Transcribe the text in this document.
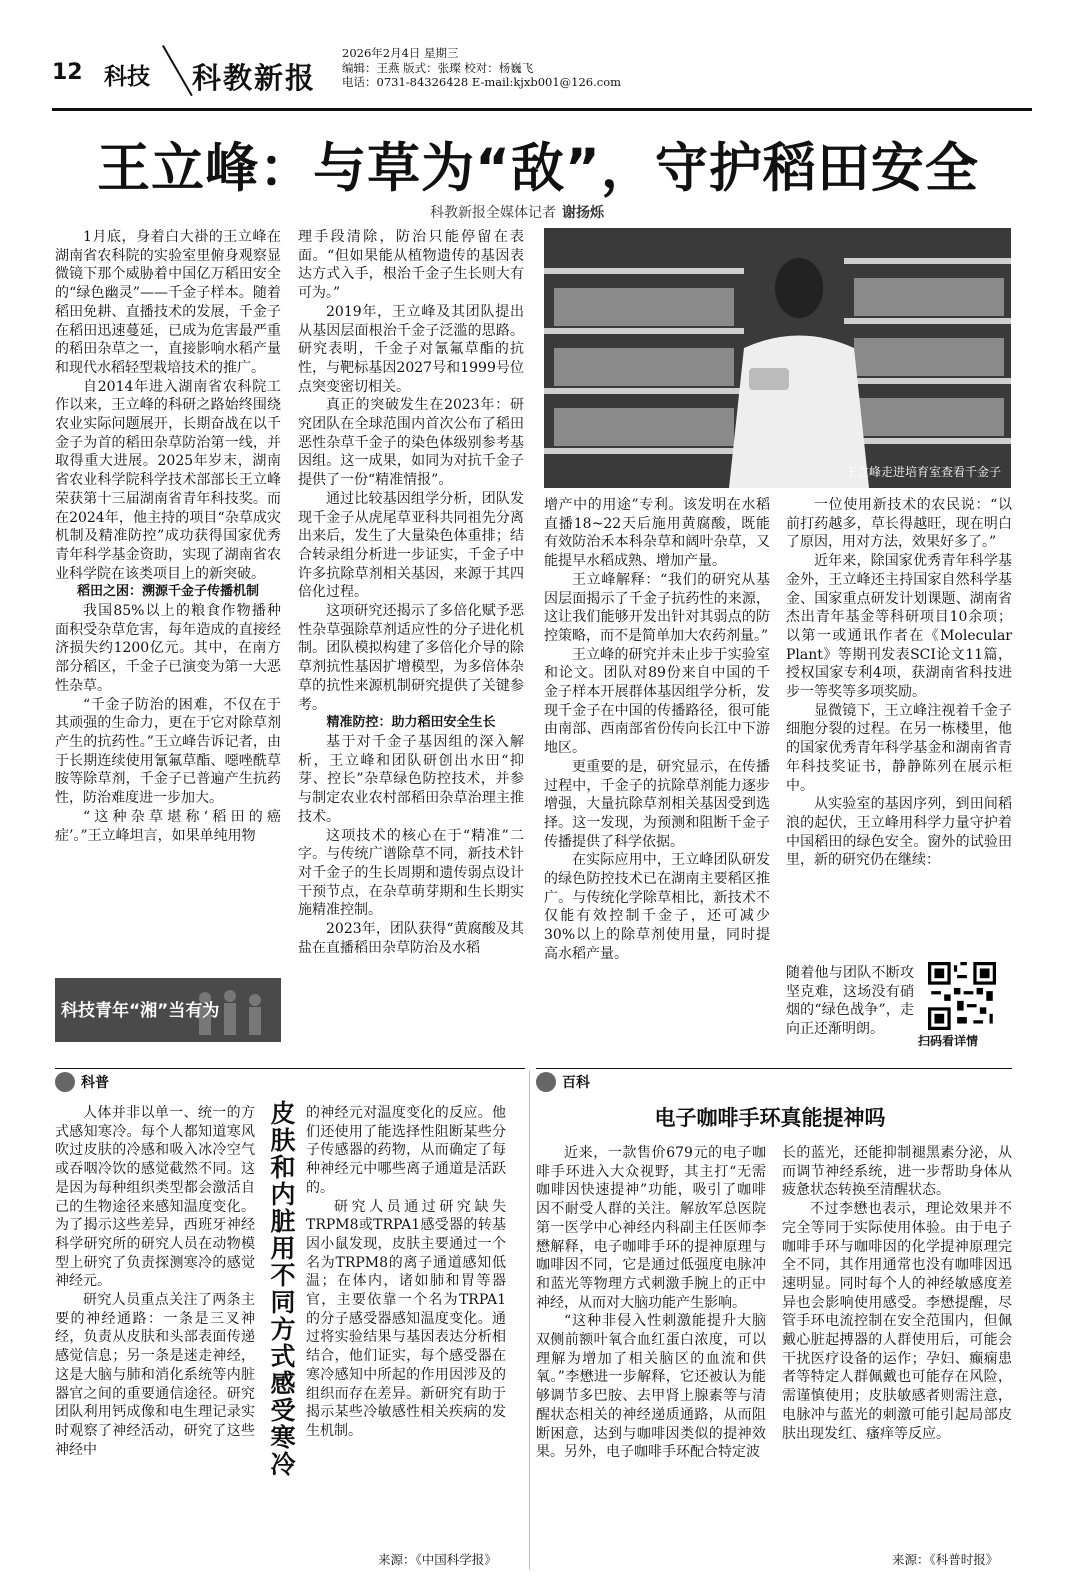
12 科技 科教新报
2026年2月4日 星期三
编辑：王燕 版式：张璨 校对：杨巍飞
电话：0731-84326428 E-mail:kjxb001@126.com
王立峰：与草为“敌”，守护稻田安全
科教新报全媒体记者 谢扬烁

1月底，身着白大褂的王立峰在湖南省农科院的实验室里俯身观察显微镜下那个威胁着中国亿万稻田安全的“绿色幽灵”——千金子样本。随着稻田免耕、直播技术的发展，千金子在稻田迅速蔓延，已成为危害最严重的稻田杂草之一，直接影响水稻产量和现代水稻轻型栽培技术的推广。

自2014年进入湖南省农科院工作以来，王立峰的科研之路始终围绕农业实际问题展开，长期奋战在以千金子为首的稻田杂草防治第一线，并取得重大进展。2025年岁末，湖南省农业科学院科学技术部部长王立峰荣获第十三届湖南省青年科技奖。而在2024年，他主持的项目“杂草成灾机制及精准防控”成功获得国家优秀青年科学基金资助，实现了湖南省农业科学院在该类项目上的新突破。

稻田之困：溯源千金子传播机制

我国85%以上的粮食作物播种面积受杂草危害，每年造成的直接经济损失约1200亿元。其中，在南方部分稻区，千金子已演变为第一大恶性杂草。

“千金子防治的困难，不仅在于其顽强的生命力，更在于它对除草剂产生的抗药性。”王立峰告诉记者，由于长期连续使用氰氟草酯、噁唑酰草胺等除草剂，千金子已普遍产生抗药性，防治难度进一步加大。

“这种杂草堪称‘稻田的癌症’。”王立峰坦言，如果单纯用物

科技青年“湘”当有为

理手段清除，防治只能停留在表面。“但如果能从植物遗传的基因表达方式入手，根治千金子生长则大有可为。”

2019年，王立峰及其团队提出从基因层面根治千金子泛滥的思路。研究表明，千金子对氰氟草酯的抗性，与靶标基因2027号和1999号位点突变密切相关。

真正的突破发生在2023年：研究团队在全球范围内首次公布了稻田恶性杂草千金子的染色体级别参考基因组。这一成果，如同为对抗千金子提供了一份“精准情报”。

通过比较基因组学分析，团队发现千金子从虎尾草亚科共同祖先分离出来后，发生了大量染色体重排；结合转录组分析进一步证实，千金子中许多抗除草剂相关基因，来源于其四倍化过程。

这项研究还揭示了多倍化赋予恶性杂草强除草剂适应性的分子进化机制。团队模拟构建了多倍化介导的除草剂抗性基因扩增模型，为多倍体杂草的抗性来源机制研究提供了关键参考。

精准防控：助力稻田安全生长

基于对千金子基因组的深入解析，王立峰和团队研创出水田“抑芽、控长”杂草绿色防控技术，并参与制定农业农村部稻田杂草治理主推技术。

这项技术的核心在于“精准”二字。与传统广谱除草不同，新技术针对千金子的生长周期和遗传弱点设计干预节点，在杂草萌芽期和生长期实施精准控制。

2023年，团队获得“黄腐酸及其盐在直播稻田杂草防治及水稻

王立峰走进培育室查看千金子

增产中的用途”专利。该发明在水稻直播18~22天后施用黄腐酸，既能有效防治禾本科杂草和阔叶杂草，又能提早水稻成熟、增加产量。

王立峰解释：“我们的研究从基因层面揭示了千金子抗药性的来源，这让我们能够开发出针对其弱点的防控策略，而不是简单加大农药剂量。”

王立峰的研究并未止步于实验室和论文。团队对89份来自中国的千金子样本开展群体基因组学分析，发现千金子在中国的传播路径，很可能由南部、西南部省份传向长江中下游地区。

更重要的是，研究显示，在传播过程中，千金子的抗除草剂能力逐步增强，大量抗除草剂相关基因受到选择。这一发现，为预测和阻断千金子传播提供了科学依据。

在实际应用中，王立峰团队研发的绿色防控技术已在湖南主要稻区推广。与传统化学除草相比，新技术不仅能有效控制千金子，还可减少30%以上的除草剂使用量，同时提高水稻产量。

一位使用新技术的农民说：“以前打药越多，草长得越旺，现在明白了原因，用对方法，效果好多了。”

近年来，除国家优秀青年科学基金外，王立峰还主持国家自然科学基金、国家重点研发计划课题、湖南省杰出青年基金等科研项目10余项；以第一或通讯作者在《Molecular Plant》等期刊发表SCI论文11篇，授权国家专利4项，获湖南省科技进步一等奖等多项奖励。

显微镜下，王立峰注视着千金子细胞分裂的过程。在另一栋楼里，他的国家优秀青年科学基金和湖南省青年科技奖证书，静静陈列在展示柜中。

从实验室的基因序列，到田间稻浪的起伏，王立峰用科学力量守护着中国稻田的绿色安全。窗外的试验田里，新的研究仍在继续：

随着他与团队不断攻坚克难，这场没有硝烟的“绿色战争”，走向正还渐明朗。

扫码看详情
科普	百科

人体并非以单一、统一的方式感知寒冷。每个人都知道寒风吹过皮肤的冷感和吸入冰冷空气或吞咽冷饮的感觉截然不同。这是因为每种组织类型都会激活自己的生物途径来感知温度变化。为了揭示这些差异，西班牙神经科学研究所的研究人员在动物模型上研究了负责探测寒冷的感觉神经元。

研究人员重点关注了两条主要的神经通路：一条是三叉神经，负责从皮肤和头部表面传递感觉信息；另一条是迷走神经，这是大脑与肺和消化系统等内脏器官之间的重要通信途径。研究团队利用钙成像和电生理记录实时观察了神经活动，研究了这些神经中

皮
肤
和
内
脏
用
不
同
方
式
感
受
寒
冷

的神经元对温度变化的反应。他们还使用了能选择性阻断某些分子传感器的药物，从而确定了每种神经元中哪些离子通道是活跃的。

研究人员通过研究缺失TRPM8或TRPA1感受器的转基因小鼠发现，皮肤主要通过一个名为TRPM8的离子通道感知低温；在体内，诸如肺和胃等器官，主要依靠一个名为TRPA1的分子感受器感知温度变化。通过将实验结果与基因表达分析相结合，他们证实，每个感受器在寒冷感知中所起的作用因涉及的组织而存在差异。新研究有助于揭示某些冷敏感性相关疾病的发生机制。

来源：《中国科学报》
电子咖啡手环真能提神吗

近来，一款售价679元的电子咖啡手环进入大众视野，其主打“无需咖啡因快速提神”功能，吸引了咖啡因不耐受人群的关注。解放军总医院第一医学中心神经内科副主任医师李懋解释，电子咖啡手环的提神原理与咖啡因不同，它是通过低强度电脉冲和蓝光等物理方式刺激手腕上的正中神经，从而对大脑功能产生影响。

“这种非侵入性刺激能提升大脑双侧前额叶氧合血红蛋白浓度，可以理解为增加了相关脑区的血流和供氧。”李懋进一步解释，它还被认为能够调节多巴胺、去甲肾上腺素等与清醒状态相关的神经递质通路，从而阻断困意，达到与咖啡因类似的提神效果。另外，电子咖啡手环配合特定波

长的蓝光，还能抑制褪黑素分泌，从而调节神经系统，进一步帮助身体从疲惫状态转换至清醒状态。

不过李懋也表示，理论效果并不完全等同于实际使用体验。由于电子咖啡手环与咖啡因的化学提神原理完全不同，其作用通常也没有咖啡因迅速明显。同时每个人的神经敏感度差异也会影响使用感受。李懋提醒，尽管手环电流控制在安全范围内，但佩戴心脏起搏器的人群使用后，可能会干扰医疗设备的运作；孕妇、癫痫患者等特定人群佩戴也可能存在风险，需谨慎使用；皮肤敏感者则需注意，电脉冲与蓝光的刺激可能引起局部皮肤出现发红、瘙痒等反应。

来源：《科普时报》
